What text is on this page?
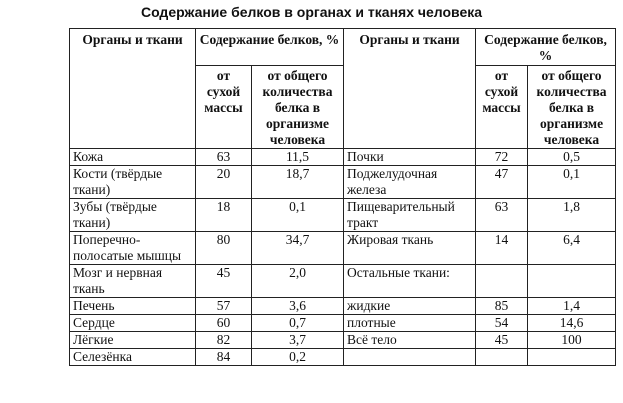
Содержание белков в органах и тканях человека
Органы и ткани	Содержание белков, %		Органы и ткани	Содержание белков, %	
	от сухой массы	от общего количества белка в организме человека		от сухой массы	от общего количества белка в организме человека
Кожа	63	11,5	Почки	72	0,5
Кости (твёрдые ткани)	20	18,7	Поджелудочная железа	47	0,1
Зубы (твёрдые ткани)	18	0,1	Пищеварительный тракт	63	1,8
Поперечно-полосатые мышцы	80	34,7	Жировая ткань	14	6,4
Мозг и нервная ткань	45	2,0	Остальные ткани:		
Печень	57	3,6	жидкие	85	1,4
Сердце	60	0,7	плотные	54	14,6
Лёгкие	82	3,7	Всё тело	45	100
Селезёнка	84	0,2			
